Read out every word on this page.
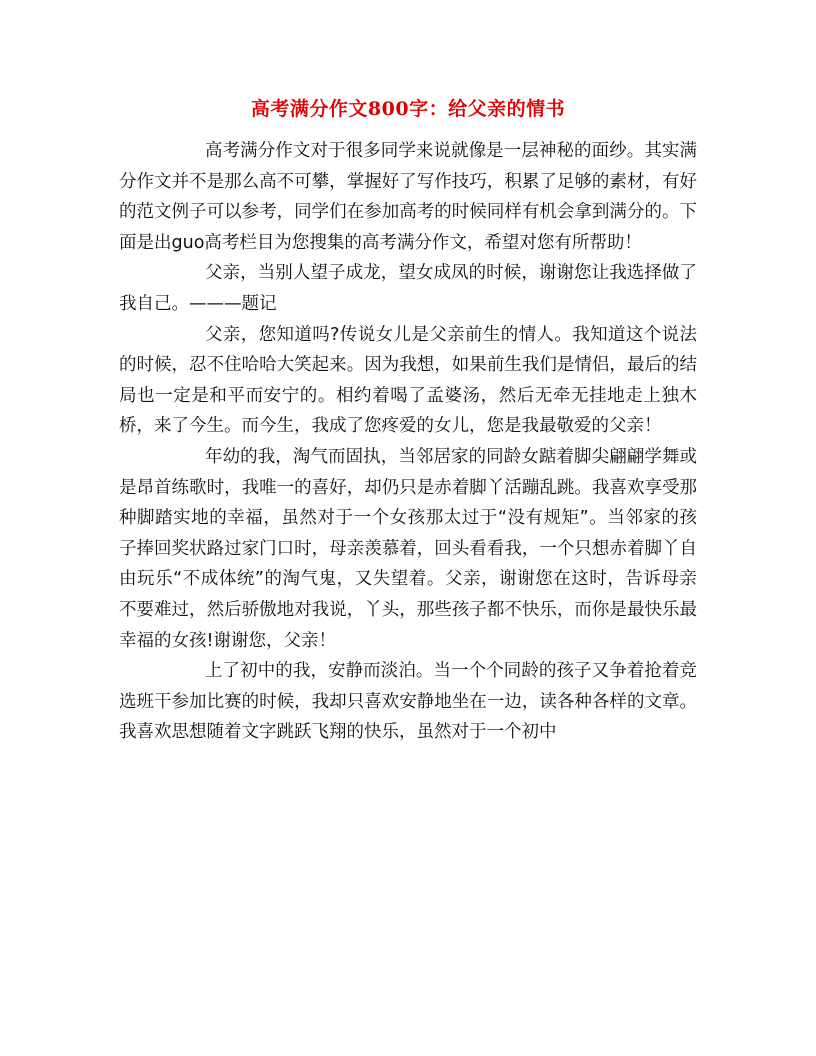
高考满分作文800字：给父亲的情书

高考满分作文对于很多同学来说就像是一层神秘的面纱。其实满分作文并不是那么高不可攀，掌握好了写作技巧，积累了足够的素材，有好的范文例子可以参考，同学们在参加高考的时候同样有机会拿到满分的。下面是出guo高考栏目为您搜集的高考满分作文，希望对您有所帮助！

父亲，当别人望子成龙，望女成凤的时候，谢谢您让我选择做了我自己。———题记

父亲，您知道吗?传说女儿是父亲前生的情人。我知道这个说法的时候，忍不住哈哈大笑起来。因为我想，如果前生我们是情侣，最后的结局也一定是和平而安宁的。相约着喝了孟婆汤，然后无牵无挂地走上独木桥，来了今生。而今生，我成了您疼爱的女儿，您是我最敬爱的父亲！

年幼的我，淘气而固执，当邻居家的同龄女踮着脚尖翩翩学舞或是昂首练歌时，我唯一的喜好，却仍只是赤着脚丫活蹦乱跳。我喜欢享受那种脚踏实地的幸福，虽然对于一个女孩那太过于“没有规矩”。当邻家的孩子捧回奖状路过家门口时，母亲羡慕着，回头看看我，一个只想赤着脚丫自由玩乐“不成体统”的淘气鬼，又失望着。父亲，谢谢您在这时，告诉母亲不要难过，然后骄傲地对我说，丫头，那些孩子都不快乐，而你是最快乐最幸福的女孩!谢谢您，父亲！

上了初中的我，安静而淡泊。当一个个同龄的孩子又争着抢着竞选班干参加比赛的时候，我却只喜欢安静地坐在一边，读各种各样的文章。我喜欢思想随着文字跳跃飞翔的快乐，虽然对于一个初中
